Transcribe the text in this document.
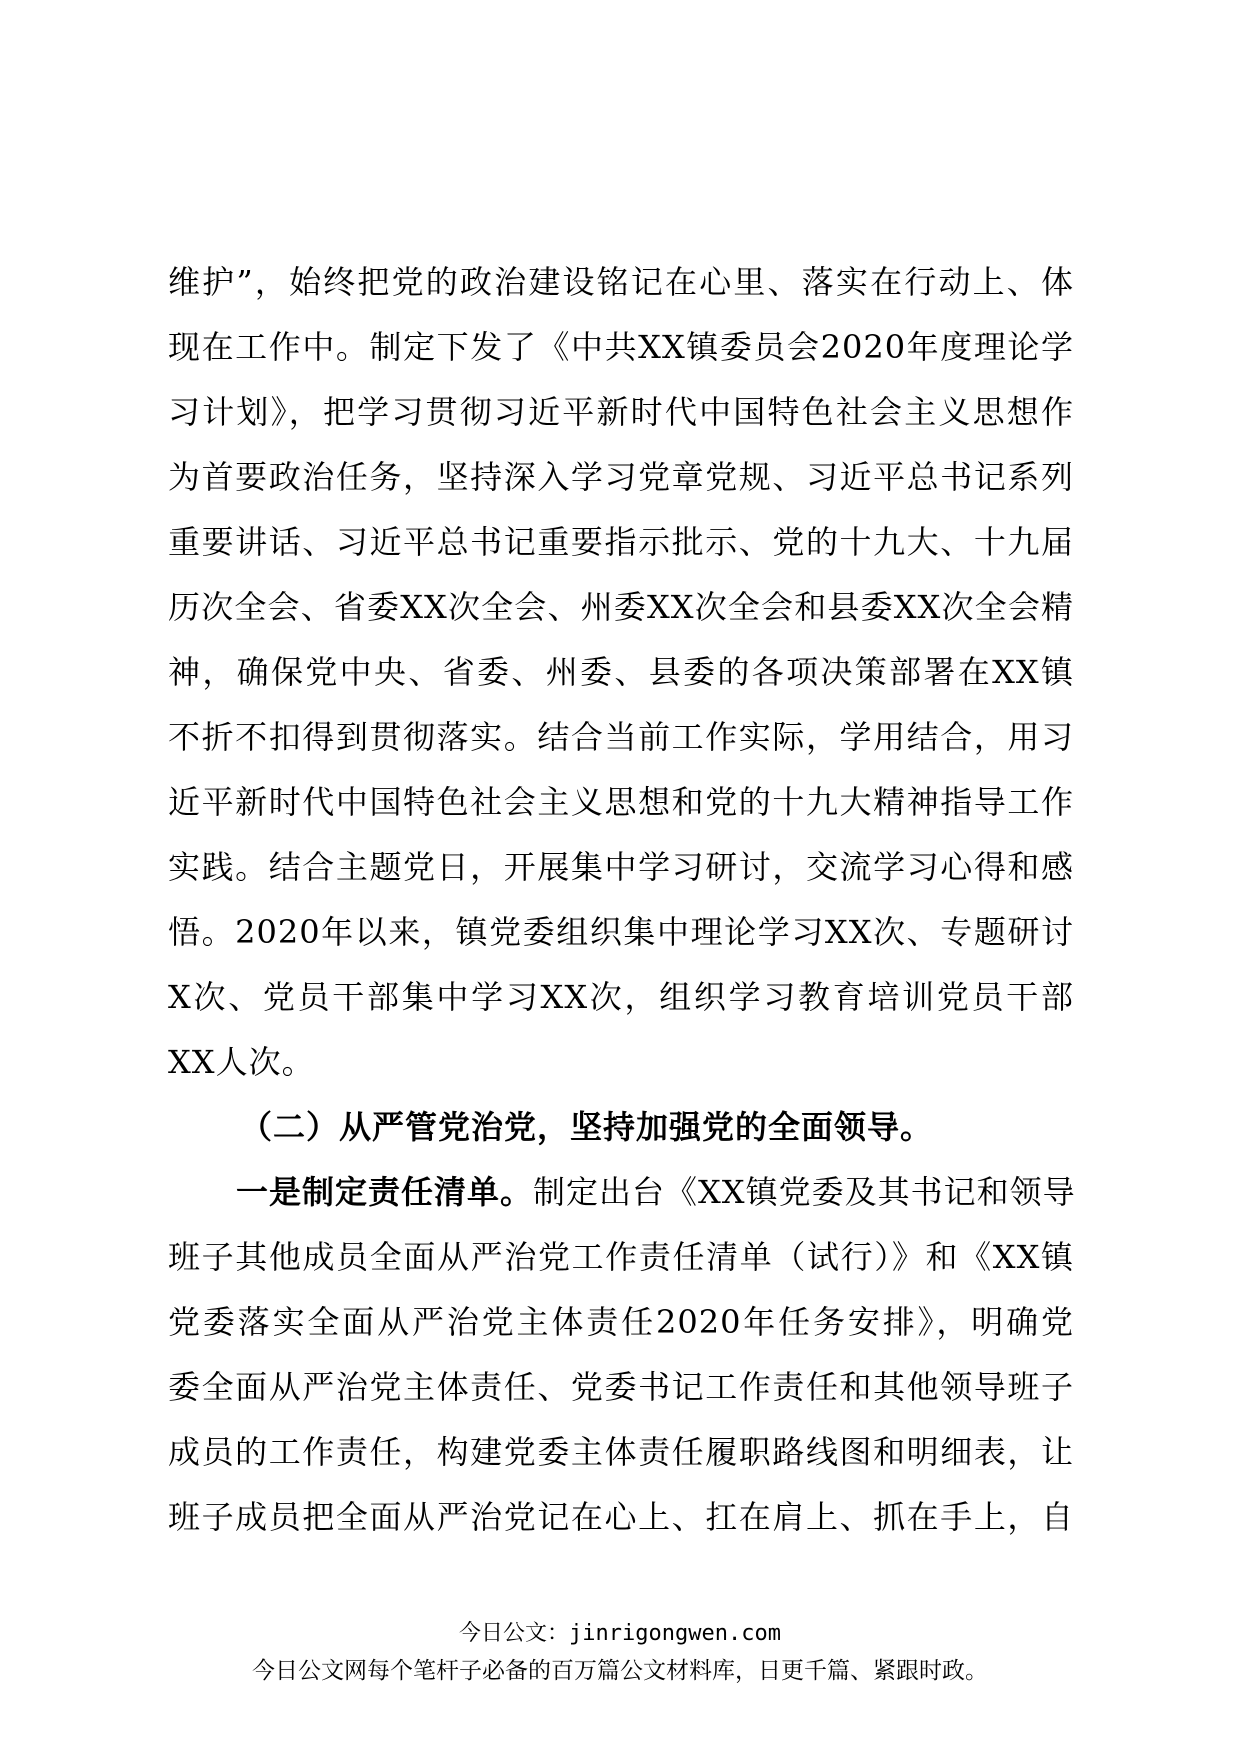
维护”，始终把党的政治建设铭记在心里、落实在行动上、体
现在工作中。制定下发了《中共XX镇委员会2020年度理论学
习计划》，把学习贯彻习近平新时代中国特色社会主义思想作
为首要政治任务，坚持深入学习党章党规、习近平总书记系列
重要讲话、习近平总书记重要指示批示、党的十九大、十九届
历次全会、省委XX次全会、州委XX次全会和县委XX次全会精
神，确保党中央、省委、州委、县委的各项决策部署在XX镇
不折不扣得到贯彻落实。结合当前工作实际，学用结合，用习
近平新时代中国特色社会主义思想和党的十九大精神指导工作
实践。结合主题党日，开展集中学习研讨，交流学习心得和感
悟。2020年以来，镇党委组织集中理论学习XX次、专题研讨
X次、党员干部集中学习XX次，组织学习教育培训党员干部
XX人次。
（二）从严管党治党，坚持加强党的全面领导。
一是制定责任清单。制定出台《XX镇党委及其书记和领导
班子其他成员全面从严治党工作责任清单（试行）》和《XX镇
党委落实全面从严治党主体责任2020年任务安排》，明确党
委全面从严治党主体责任、党委书记工作责任和其他领导班子
成员的工作责任，构建党委主体责任履职路线图和明细表，让
班子成员把全面从严治党记在心上、扛在肩上、抓在手上，自
今日公文：jinrigongwen.com
今日公文网每个笔杆子必备的百万篇公文材料库，日更千篇、紧跟时政。
